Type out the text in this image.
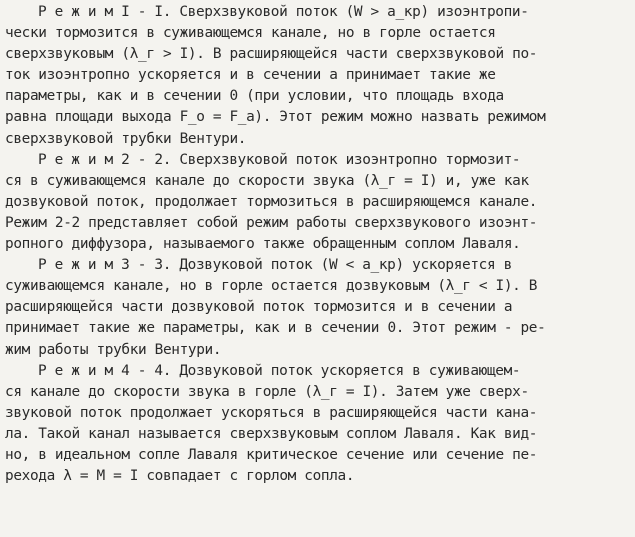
Р е ж и м I - I. Сверхзвуковой поток (W > a_кр) изоэнтропи-
чески тормозится в суживающемся канале, но в горле остается
сверхзвуковым (λ_г > I). В расширяющейся части сверхзвуковой по-
ток изоэнтропно ускоряется и в сечении a принимает такие же
параметры, как и в сечении 0 (при условии, что площадь входа
равна площади выхода F_о = F_а). Этот режим можно назвать режимом
сверхзвуковой трубки Вентури.
Р е ж и м 2 - 2. Сверхзвуковой поток изоэнтропно тормозит-
ся в суживающемся канале до скорости звука (λ_г = I) и, уже как
дозвуковой поток, продолжает тормозиться в расширяющемся канале.
Режим 2-2 представляет собой режим работы сверхзвукового изоэнт-
ропного диффузора, называемого также обращенным соплом Лаваля.
Р е ж и м 3 - 3. Дозвуковой поток (W < a_кр) ускоряется в
суживающемся канале, но в горле остается дозвуковым (λ_г < I). В
расширяющейся части дозвуковой поток тормозится и в сечении a
принимает такие же параметры, как и в сечении 0. Этот режим - ре-
жим работы трубки Вентури.
Р е ж и м 4 - 4. Дозвуковой поток ускоряется в суживающем-
ся канале до скорости звука в горле (λ_г = I). Затем уже сверх-
звуковой поток продолжает ускоряться в расширяющейся части кана-
ла. Такой канал называется сверхзвуковым соплом Лаваля. Как вид-
но, в идеальном сопле Лаваля критическое сечение или сечение пе-
рехода λ = M = I совпадает с горлом сопла.
